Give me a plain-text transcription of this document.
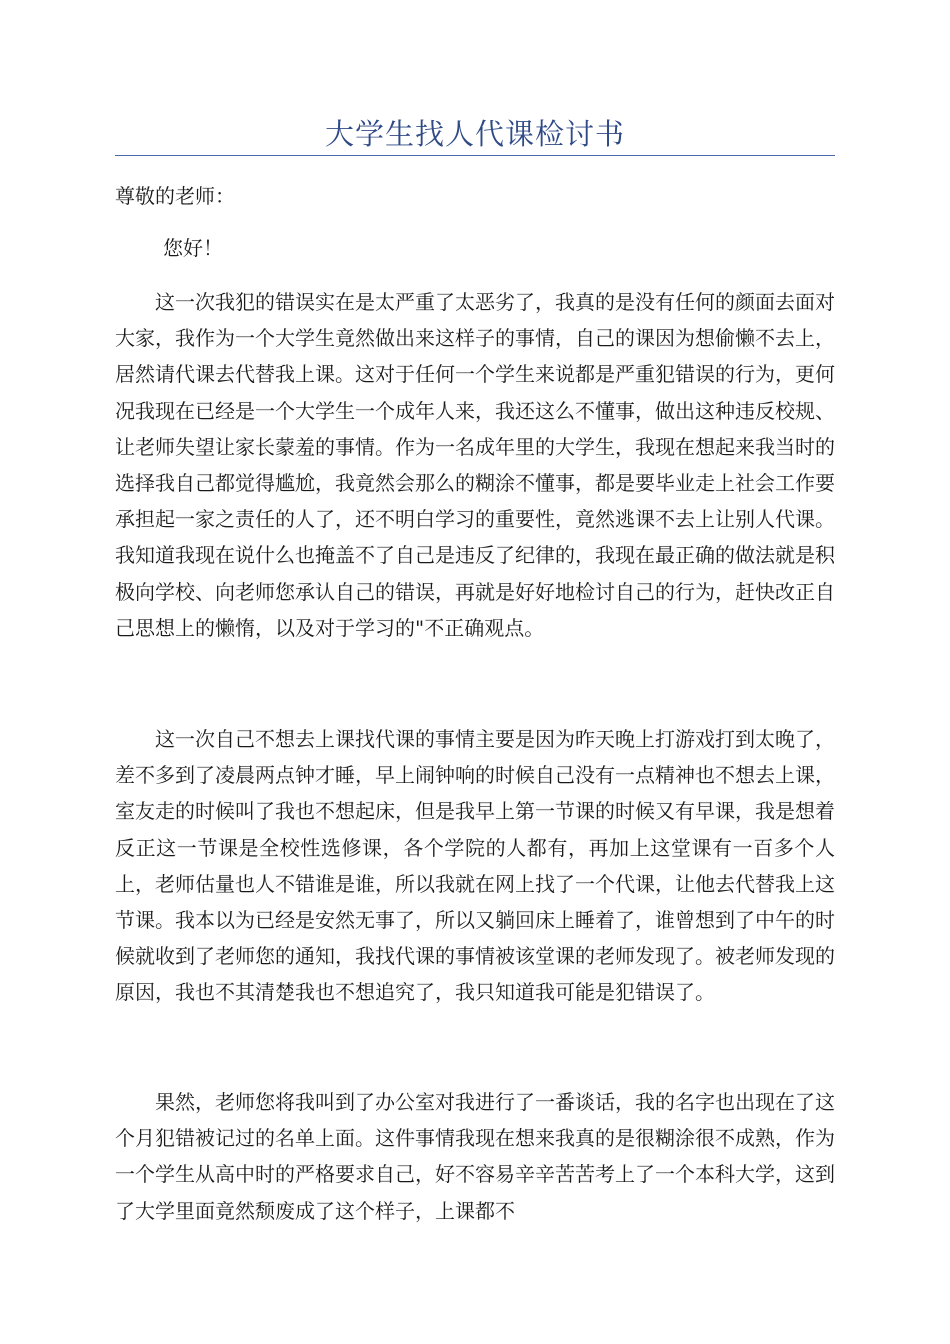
大学生找人代课检讨书

尊敬的老师：

您好！

这一次我犯的错误实在是太严重了太恶劣了，我真的是没有任何的颜面去面对大家，我作为一个大学生竟然做出来这样子的事情，自己的课因为想偷懒不去上，居然请代课去代替我上课。这对于任何一个学生来说都是严重犯错误的行为，更何况我现在已经是一个大学生一个成年人来，我还这么不懂事，做出这种违反校规、让老师失望让家长蒙羞的事情。作为一名成年里的大学生，我现在想起来我当时的选择我自己都觉得尴尬，我竟然会那么的糊涂不懂事，都是要毕业走上社会工作要承担起一家之责任的人了，还不明白学习的重要性，竟然逃课不去上让别人代课。我知道我现在说什么也掩盖不了自己是违反了纪律的，我现在最正确的做法就是积极向学校、向老师您承认自己的错误，再就是好好地检讨自己的行为，赶快改正自己思想上的懒惰，以及对于学习的"不正确观点。

这一次自己不想去上课找代课的事情主要是因为昨天晚上打游戏打到太晚了，差不多到了凌晨两点钟才睡，早上闹钟响的时候自己没有一点精神也不想去上课，室友走的时候叫了我也不想起床，但是我早上第一节课的时候又有早课，我是想着反正这一节课是全校性选修课，各个学院的人都有，再加上这堂课有一百多个人上，老师估量也人不错谁是谁，所以我就在网上找了一个代课，让他去代替我上这节课。我本以为已经是安然无事了，所以又躺回床上睡着了，谁曾想到了中午的时候就收到了老师您的通知，我找代课的事情被该堂课的老师发现了。被老师发现的原因，我也不其清楚我也不想追究了，我只知道我可能是犯错误了。

果然，老师您将我叫到了办公室对我进行了一番谈话，我的名字也出现在了这个月犯错被记过的名单上面。这件事情我现在想来我真的是很糊涂很不成熟，作为一个学生从高中时的严格要求自己，好不容易辛辛苦苦考上了一个本科大学，这到了大学里面竟然颓废成了这个样子，上课都不
